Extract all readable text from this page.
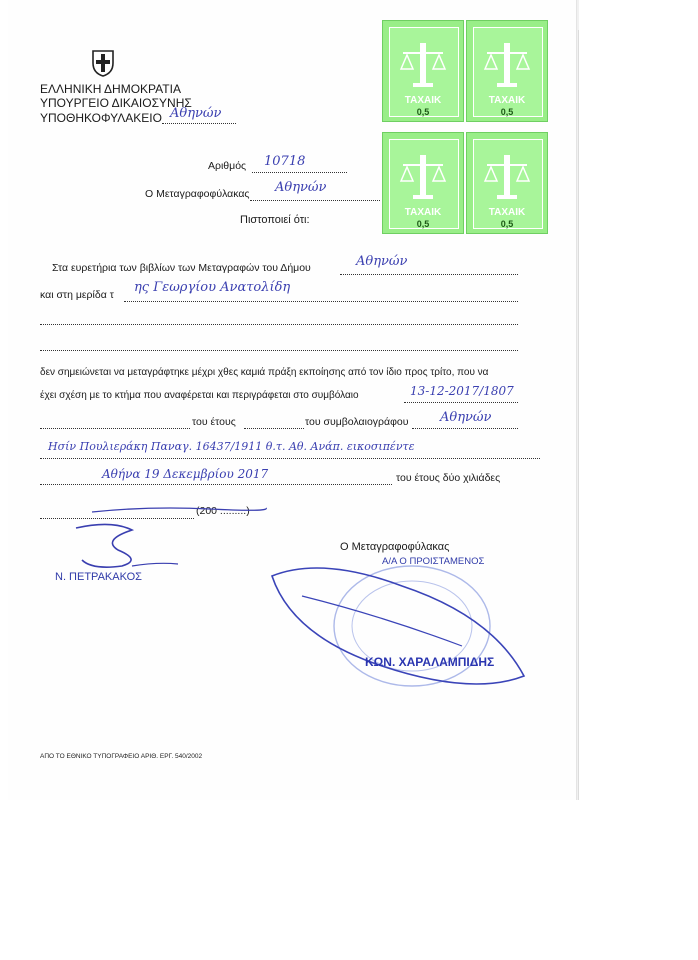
ΕΛΛΗΝΙΚΗ ΔΗΜΟΚΡΑΤΙΑ
ΥΠΟΥΡΓΕΙΟ ΔΙΚΑΙΟΣΥΝΗΣ
ΥΠΟΘΗΚΟΦΥΛΑΚΕΙΟ Αθηνών
ΤΑΧΑΙΚ
0,5
ΤΑΧΑΙΚ
0,5
ΤΑΧΑΙΚ
0,5
ΤΑΧΑΙΚ
0,5
Αριθμός 10718
Ο Μεταγραφοφύλακας Αθηνών
Πιστοποιεί ότι:
Στα ευρετήρια των βιβλίων των Μεταγραφών του Δήμου	Αθηνών
και στη μερίδα τ ης Γεωργίου Ανατολίδη
δεν σημειώνεται να μεταγράφτηκε μέχρι χθες καμιά πράξη εκποίησης από τον ίδιο προς τρίτο, που να
έχει σχέση με το κτήμα που αναφέρεται και περιγράφεται στο συμβόλαιο	13-12-2017/1807
του έτους	του συμβολαιογράφου Αθηνών
Ησίν Πουλιεράκη Παναγ. 16437/1911 θ.τ. Αθ. Ανάπ. εικοσιπέντε
Αθήνα 19 Δεκεμβρίου 2017	του έτους δύο χιλιάδες
(200 .........)
Ο Μεταγραφοφύλακας
Α/Α Ο ΠΡΟΙΣΤΑΜΕΝΟΣ
ΚΩΝ. ΧΑΡΑΛΑΜΠΙΔΗΣ
Ν. ΠΕΤΡΑΚΑΚΟΣ
ΑΠΟ ΤΟ ΕΘΝΙΚΟ ΤΥΠΟΓΡΑΦΕΙΟ ΑΡΙΘ. ΕΡΓ. 540/2002
